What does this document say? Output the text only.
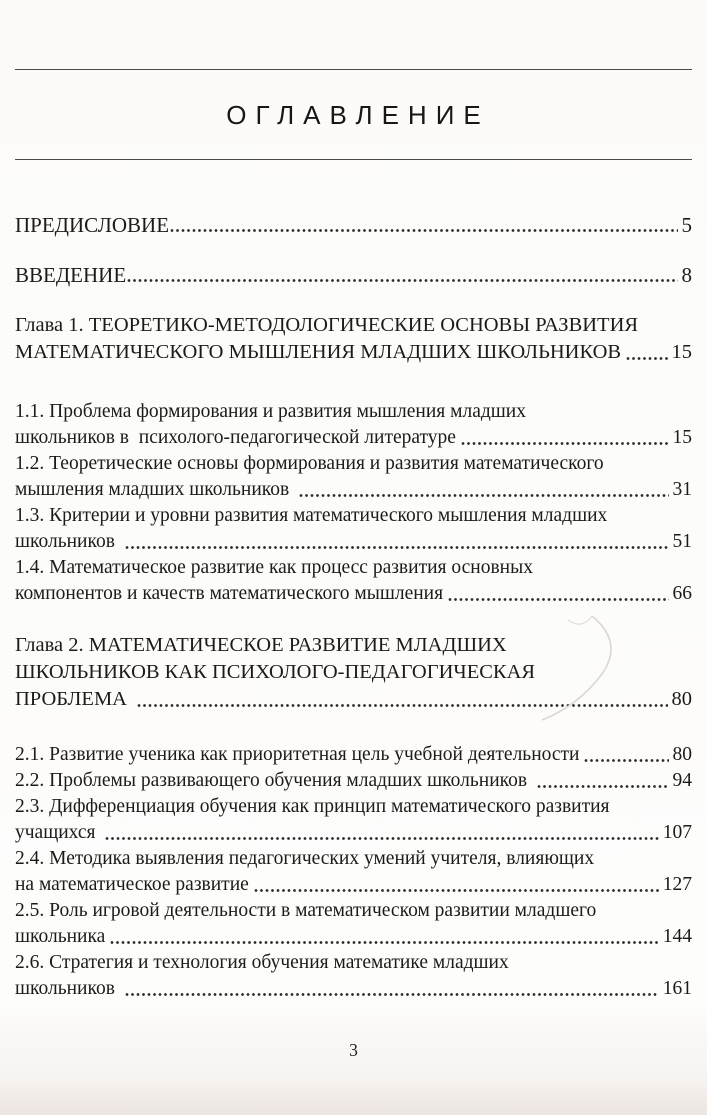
ОГЛАВЛЕНИЕ
ПРЕДИСЛОВИЕ	5
ВВЕДЕНИЕ	8
Глава 1. ТЕОРЕТИКО-МЕТОДОЛОГИЧЕСКИЕ ОСНОВЫ РАЗВИТИЯ
МАТЕМАТИЧЕСКОГО МЫШЛЕНИЯ МЛАДШИХ ШКОЛЬНИКОВ 15
1.1. Проблема формирования и развития мышления младших
школьников в  психолого-педагогической литературе	15
1.2. Теоретические основы формирования и развития математического
мышления младших школьников	31
1.3. Критерии и уровни развития математического мышления младших
школьников	51
1.4. Математическое развитие как процесс развития основных
компонентов и качеств математического мышления	66
Глава 2. МАТЕМАТИЧЕСКОЕ РАЗВИТИЕ МЛАДШИХ
ШКОЛЬНИКОВ КАК ПСИХОЛОГО-ПЕДАГОГИЧЕСКАЯ
ПРОБЛЕМА	80
2.1. Развитие ученика как приоритетная цель учебной деятельности	80
2.2. Проблемы развивающего обучения младших школьников	94
2.3. Дифференциация обучения как принцип математического развития
учащихся	107
2.4. Методика выявления педагогических умений учителя, влияющих
на математическое развитие	127
2.5. Роль игровой деятельности в математическом развитии младшего
школьника	144
2.6. Стратегия и технология обучения математике младших
школьников	161
3
